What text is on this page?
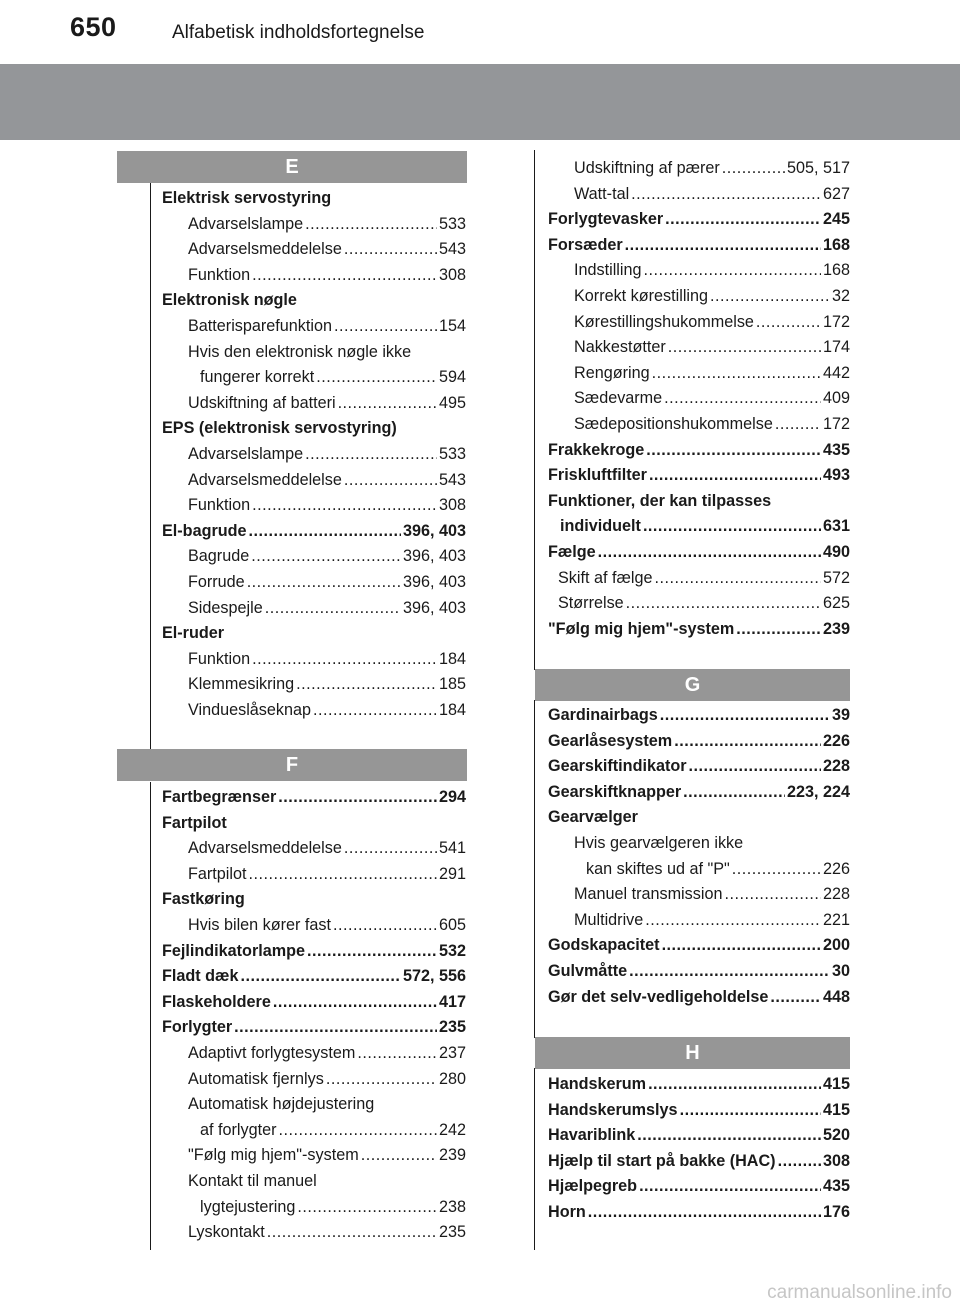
650	Alfabetisk indholdsfortegnelse
E
F
G
H
Elektrisk servostyring
Advarselslampe .....	533
Advarselsmeddelelse .....	543
Funktion .....	308
Elektronisk nøgle
Batterisparefunktion .....	154
Hvis den elektronisk nøgle ikke
fungerer korrekt .....	594
Udskiftning af batteri .....	495
EPS (elektronisk servostyring)
Advarselslampe .....	533
Advarselsmeddelelse .....	543
Funktion .....	308
El-bagrude .....	396, 403
Bagrude .....	396, 403
Forrude .....	396, 403
Sidespejle .....	396, 403
El-ruder
Funktion .....	184
Klemmesikring .....	185
Vindueslåseknap .....	184
Fartbegrænser .....	294
Fartpilot
Advarselsmeddelelse .....	541
Fartpilot .....	291
Fastkøring
Hvis bilen kører fast .....	605
Fejlindikatorlampe .....	532
Fladt dæk .....	572, 556
Flaskeholdere .....	417
Forlygter .....	235
Adaptivt forlygtesystem .....	237
Automatisk fjernlys .....	280
Automatisk højdejustering
af forlygter .....	242
"Følg mig hjem"-system .....	239
Kontakt til manuel
lygtejustering .....	238
Lyskontakt .....	235
Udskiftning af pærer .....	505, 517
Watt-tal .....	627
Forlygtevasker .....	245
Forsæder .....	168
Indstilling .....	168
Korrekt kørestilling .....	32
Kørestillingshukommelse .....	172
Nakkestøtter .....	174
Rengøring .....	442
Sædevarme .....	409
Sædepositionshukommelse .....	172
Frakkekroge .....	435
Friskluftfilter .....	493
Funktioner, der kan tilpasses
individuelt .....	631
Fælge .....	490
Skift af fælge .....	572
Størrelse .....	625
"Følg mig hjem"-system .....	239
Gardinairbags .....	39
Gearlåsesystem .....	226
Gearskiftindikator .....	228
Gearskiftknapper .....	223, 224
Gearvælger
Hvis gearvælgeren ikke
kan skiftes ud af "P" .....	226
Manuel transmission .....	228
Multidrive .....	221
Godskapacitet .....	200
Gulvmåtte .....	30
Gør det selv-vedligeholdelse .....	448
Handskerum .....	415
Handskerumslys .....	415
Havariblink .....	520
Hjælp til start på bakke (HAC) .....	308
Hjælpegreb .....	435
Horn .....	176
carmanualsonline.info
